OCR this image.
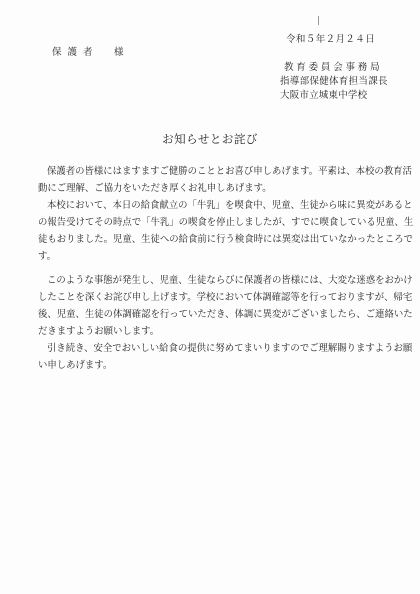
令和５年２月２４日
保護者　様
教育委員会事務局
指導部保健体育担当課長
大阪市立城東中学校
お知らせとお詫び
保護者の皆様にはますますご健勝のこととお喜び申しあげます。平素は、本校の教育活
動にご理解、ご協力をいただき厚くお礼申しあげます。
本校において、本日の給食献立の「牛乳」を喫食中、児童、生徒から味に異変があると
の報告受けてその時点で「牛乳」の喫食を停止しましたが、すでに喫食している児童、生
徒もおりました。児童、生徒への給食前に行う検食時には異変は出ていなかったところで
す。
このような事態が発生し、児童、生徒ならびに保護者の皆様には、大変な迷惑をおかけ
したことを深くお詫び申し上げます。学校において体調確認等を行っておりますが、帰宅
後、児童、生徒の体調確認を行っていただき、体調に異変がございましたら、ご連絡いた
だきますようお願いします。
引き続き、安全でおいしい給食の提供に努めてまいりますのでご理解賜りますようお願
い申しあげます。
